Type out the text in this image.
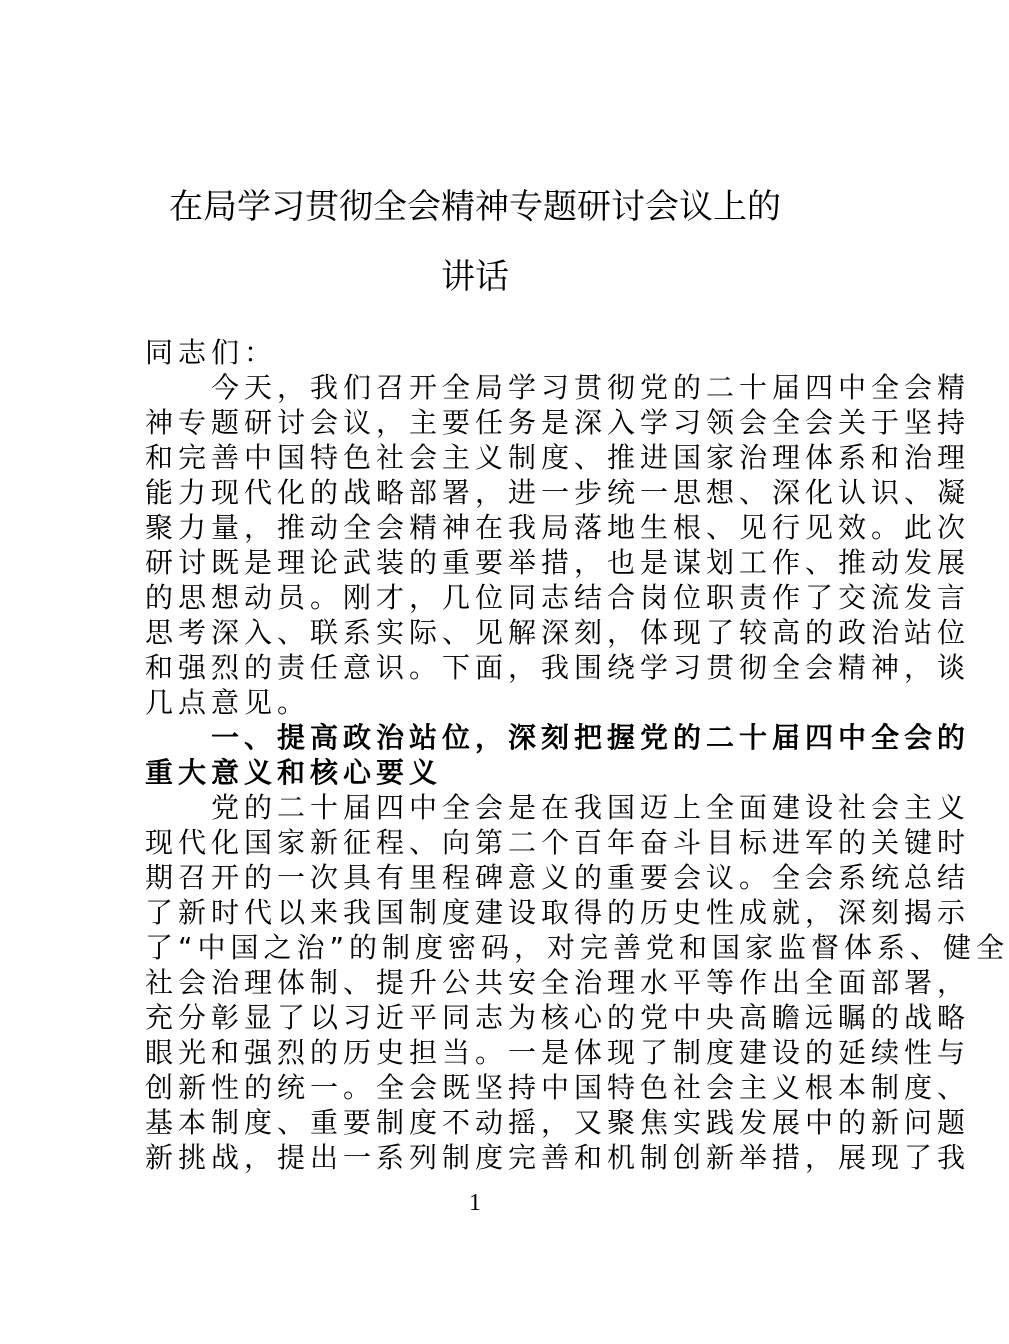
在局学习贯彻全会精神专题研讨会议上的
讲话
同志们：
今天，我们召开全局学习贯彻党的二十届四中全会精
神专题研讨会议，主要任务是深入学习领会全会关于坚持
和完善中国特色社会主义制度、推进国家治理体系和治理
能力现代化的战略部署，进一步统一思想、深化认识、凝
聚力量，推动全会精神在我局落地生根、见行见效。此次
研讨既是理论武装的重要举措，也是谋划工作、推动发展
的思想动员。刚才，几位同志结合岗位职责作了交流发言
思考深入、联系实际、见解深刻，体现了较高的政治站位
和强烈的责任意识。下面，我围绕学习贯彻全会精神，谈
几点意见。
一、提高政治站位，深刻把握党的二十届四中全会的
重大意义和核心要义
党的二十届四中全会是在我国迈上全面建设社会主义
现代化国家新征程、向第二个百年奋斗目标进军的关键时
期召开的一次具有里程碑意义的重要会议。全会系统总结
了新时代以来我国制度建设取得的历史性成就，深刻揭示
了“中国之治”的制度密码，对完善党和国家监督体系、健全
社会治理体制、提升公共安全治理水平等作出全面部署，
充分彰显了以习近平同志为核心的党中央高瞻远瞩的战略
眼光和强烈的历史担当。一是体现了制度建设的延续性与
创新性的统一。全会既坚持中国特色社会主义根本制度、
基本制度、重要制度不动摇，又聚焦实践发展中的新问题
新挑战，提出一系列制度完善和机制创新举措，展现了我
1
